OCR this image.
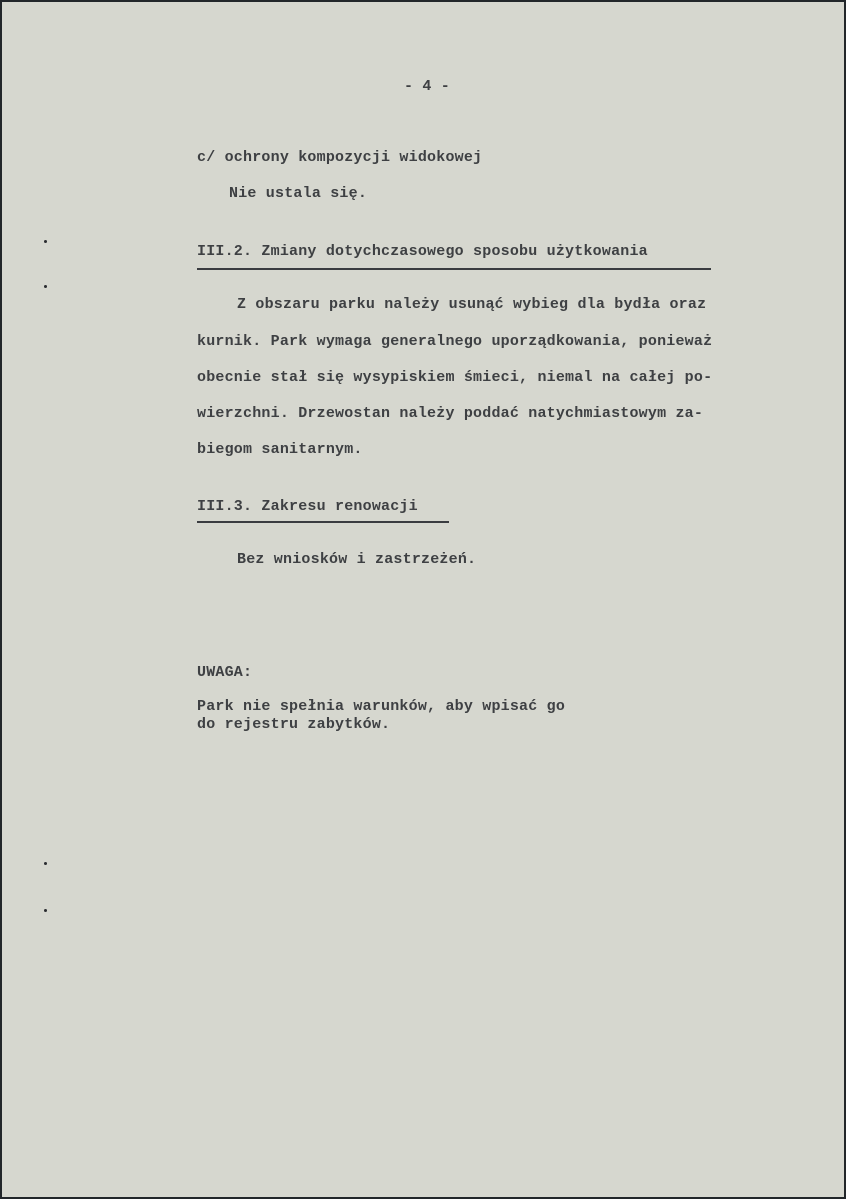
- 4 -
c/ ochrony kompozycji widokowej
Nie ustala się.
III.2. Zmiany dotychczasowego sposobu użytkowania
Z obszaru parku należy usunąć wybieg dla bydła oraz
kurnik. Park wymaga generalnego uporządkowania, ponieważ
obecnie stał się wysypiskiem śmieci, niemal na całej po-
wierzchni. Drzewostan należy poddać natychmiastowym za-
biegom sanitarnym.
III.3. Zakresu renowacji
Bez wniosków i zastrzeżeń.
UWAGA:
Park nie spełnia warunków, aby wpisać go
do rejestru zabytków.
